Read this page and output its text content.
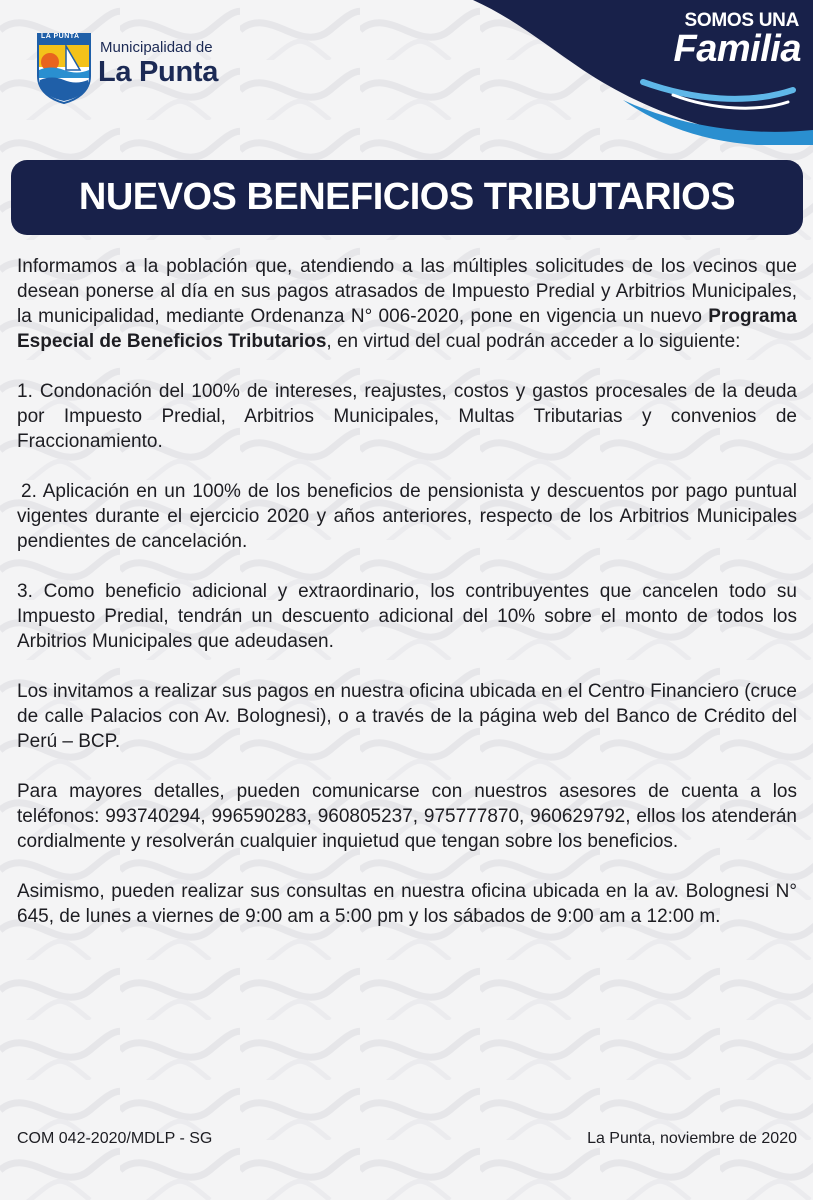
LA PUNTA
Municipalidad de
La Punta
SOMOS UNA
Familia
NUEVOS BENEFICIOS TRIBUTARIOS

Informamos a la población que, atendiendo a las múltiples solicitudes de los vecinos que desean ponerse al día en sus pagos atrasados de Impuesto Predial y Arbitrios Municipales, la municipalidad, mediante Ordenanza N° 006-2020, pone en vigencia un nuevo Programa Especial de Beneficios Tributarios, en virtud del cual podrán acceder a lo siguiente:

1. Condonación del 100% de intereses, reajustes, costos y gastos procesales de la deuda por Impuesto Predial, Arbitrios Municipales, Multas Tributarias y convenios de Fraccionamiento.

2. Aplicación en un 100% de los beneficios de pensionista y descuentos por pago puntual vigentes durante el ejercicio 2020 y años anteriores, respecto de los Arbitrios Municipales pendientes de cancelación.

3. Como beneficio adicional y extraordinario, los contribuyentes que cancelen todo su Impuesto Predial, tendrán un descuento adicional del 10% sobre el monto de todos los Arbitrios Municipales que adeudasen.

Los invitamos a realizar sus pagos en nuestra oficina ubicada en el Centro Financiero (cruce de calle Palacios con Av. Bolognesi), o a través de la página web del Banco de Crédito del Perú – BCP.

Para mayores detalles, pueden comunicarse con nuestros asesores de cuenta a los teléfonos: 993740294, 996590283, 960805237, 975777870, 960629792, ellos los atenderán cordialmente y resolverán cualquier inquietud que tengan sobre los beneficios.

Asimismo, pueden realizar sus consultas en nuestra oficina ubicada en la av. Bolognesi N° 645, de lunes a viernes de 9:00 am a 5:00 pm y los sábados de 9:00 am a 12:00 m.

COM 042-2020/MDLP - SG	La Punta, noviembre de 2020
